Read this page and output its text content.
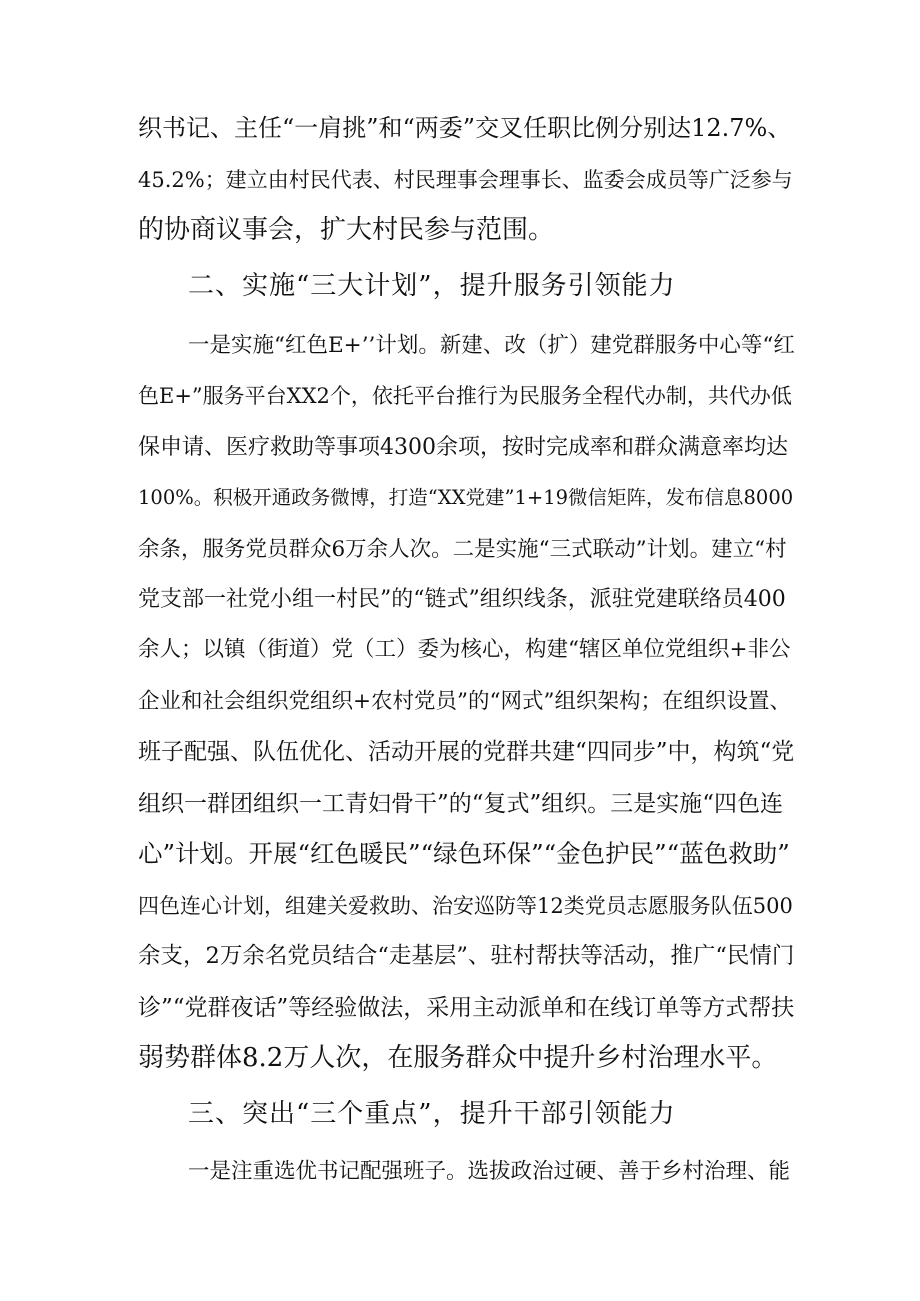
织书记、主任“一肩挑”和“两委”交叉任职比例分别达12.7%、
45.2%；建立由村民代表、村民理事会理事长、监委会成员等广泛参与
的协商议事会，扩大村民参与范围。
二、实施“三大计划”，提升服务引领能力
一是实施“红色E+’’计划。新建、改（扩）建党群服务中心等“红
色E+”服务平台XX2个，依托平台推行为民服务全程代办制，共代办低
保申请、医疗救助等事项4300余项，按时完成率和群众满意率均达
100%。积极开通政务微博，打造“XX党建”1+19微信矩阵，发布信息8000
余条，服务党员群众6万余人次。二是实施“三式联动”计划。建立“村
党支部一社党小组一村民”的“链式”组织线条，派驻党建联络员400
余人；以镇（街道）党（工）委为核心，构建“辖区单位党组织+非公
企业和社会组织党组织+农村党员”的“网式”组织架构；在组织设置、
班子配强、队伍优化、活动开展的党群共建“四同步”中，构筑“党
组织一群团组织一工青妇骨干”的“复式”组织。三是实施“四色连
心”计划。开展“红色暖民”“绿色环保”“金色护民”“蓝色救助”
四色连心计划，组建关爱救助、治安巡防等12类党员志愿服务队伍500
余支，2万余名党员结合“走基层”、驻村帮扶等活动，推广“民情门
诊”“党群夜话”等经验做法，采用主动派单和在线订单等方式帮扶
弱势群体8.2万人次，在服务群众中提升乡村治理水平。
三、突出“三个重点”，提升干部引领能力
一是注重选优书记配强班子。选拔政治过硬、善于乡村治理、能
